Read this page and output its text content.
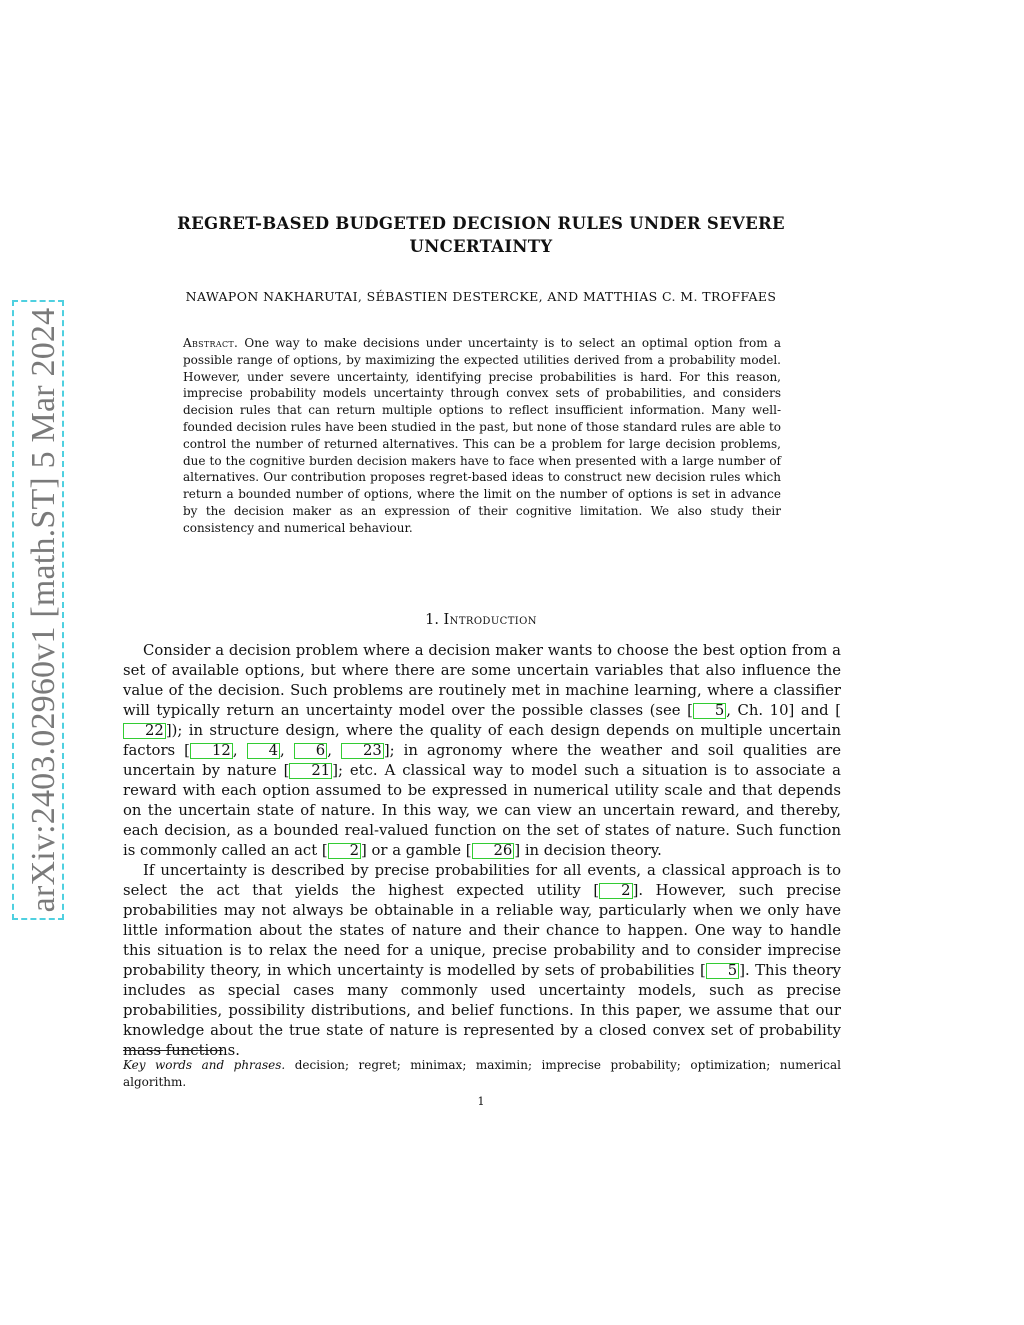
arXiv:2403.02960v1 [math.ST] 5 Mar 2024
REGRET-BASED BUDGETED DECISION RULES UNDER SEVERE
UNCERTAINTY
NAWAPON NAKHARUTAI, SÉBASTIEN DESTERCKE, AND MATTHIAS C. M. TROFFAES
Abstract. One way to make decisions under uncertainty is to select an optimal option from a possible range of options, by maximizing the expected utilities derived from a probability model. However, under severe uncertainty, identifying precise probabilities is hard. For this reason, imprecise probability models uncertainty through convex sets of probabilities, and considers decision rules that can return multiple options to reflect insufficient information. Many well-founded decision rules have been studied in the past, but none of those standard rules are able to control the number of returned alternatives. This can be a problem for large decision problems, due to the cognitive burden decision makers have to face when presented with a large number of alternatives. Our contribution proposes regret-based ideas to construct new decision rules which return a bounded number of options, where the limit on the number of options is set in advance by the decision maker as an expression of their cognitive limitation. We also study their consistency and numerical behaviour.
1. Introduction

Consider a decision problem where a decision maker wants to choose the best option from a set of available options, but where there are some uncertain variables that also influence the value of the decision. Such problems are routinely met in machine learning, where a classifier will typically return an uncertainty model over the possible classes (see [ 5 , Ch. 10] and [22 ]); in structure design, where the quality of each design depends on multiple uncertain factors [ 12 , 4 , 6 , 23 ]; in agronomy where the weather and soil qualities are uncertain by nature [ 21 ]; etc. A classical way to model such a situation is to associate a reward with each option assumed to be expressed in numerical utility scale and that depends on the uncertain state of nature. In this way, we can view an uncertain reward, and thereby, each decision, as a bounded real-valued function on the set of states of nature. Such function is commonly called an act [ 2 ] or a gamble [ 26 ] in decision theory.

If uncertainty is described by precise probabilities for all events, a classical approach is to select the act that yields the highest expected utility [ 2 ]. However, such precise probabilities may not always be obtainable in a reliable way, particularly when we only have little information about the states of nature and their chance to happen. One way to handle this situation is to relax the need for a unique, precise probability and to consider imprecise probability theory, in which uncertainty is modelled by sets of probabilities [ 5 ]. This theory includes as special cases many commonly used uncertainty models, such as precise probabilities, possibility distributions, and belief functions. In this paper, we assume that our knowledge about the true state of nature is represented by a closed convex set of probability mass functions.

Key words and phrases. decision; regret; minimax; maximin; imprecise probability; optimization; numerical algorithm.
1
